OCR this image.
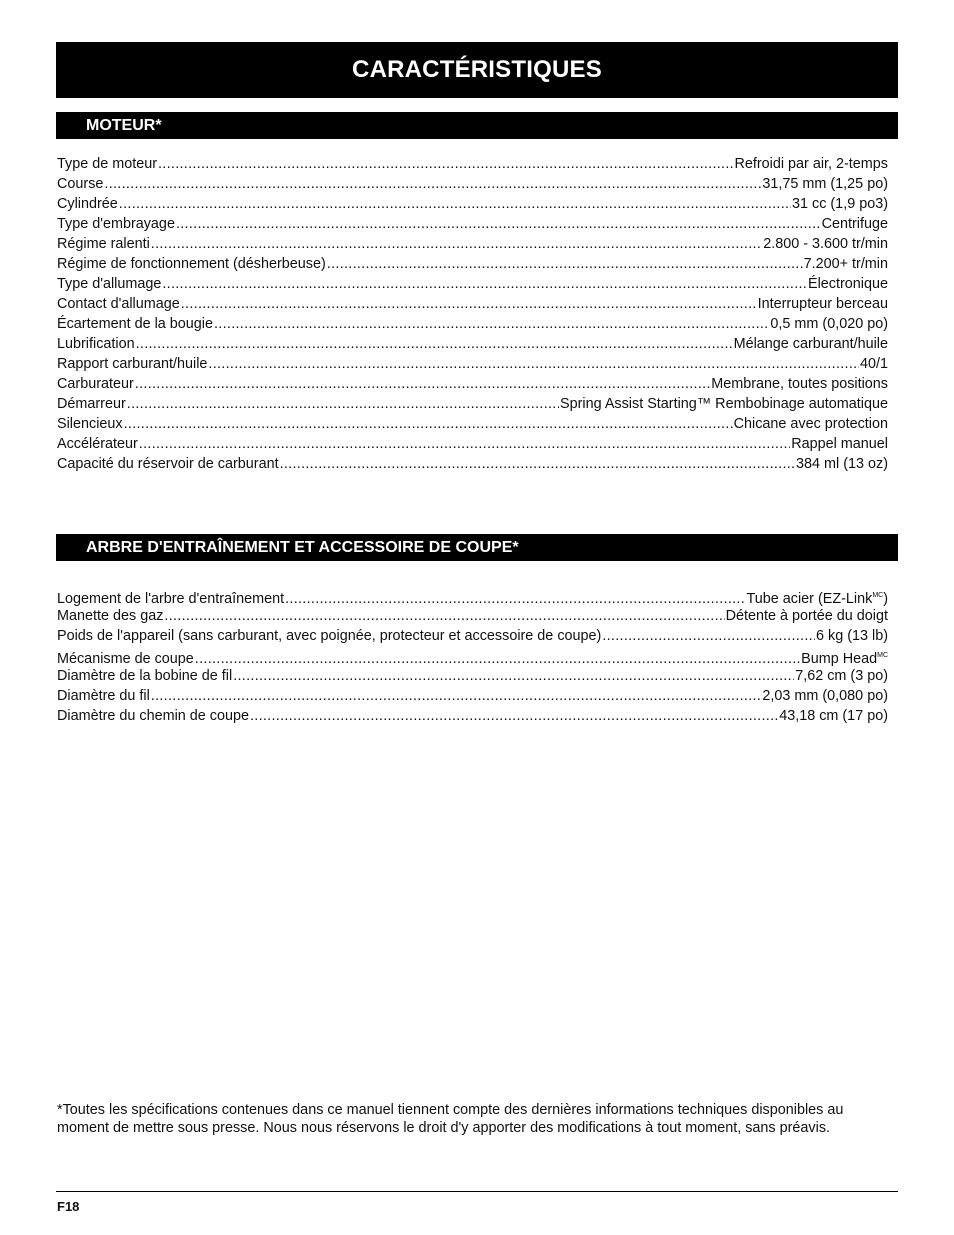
CARACTÉRISTIQUES
MOTEUR*
Type de moteur .....	Refroidi par air, 2-temps
Course .....	31,75 mm (1,25 po)
Cylindrée .....	31 cc (1,9 po3)
Type d'embrayage .....	Centrifuge
Régime ralenti .....	2.800 - 3.600 tr/min
Régime de fonctionnement (désherbeuse) .....	7.200+ tr/min
Type d'allumage .....	Électronique
Contact d'allumage .....	Interrupteur berceau
Écartement de la bougie .....	0,5 mm (0,020 po)
Lubrification .....	Mélange carburant/huile
Rapport carburant/huile .....	40/1
Carburateur .....	Membrane, toutes positions
Démarreur .....	Spring Assist Starting™ Rembobinage automatique
Silencieux .....	Chicane avec protection
Accélérateur .....	Rappel manuel
Capacité du réservoir de carburant .....	384 ml (13 oz)
ARBRE D'ENTRAÎNEMENT ET ACCESSOIRE DE COUPE*
Logement de l'arbre d'entraînement .....	Tube acier (EZ-Link$^{MC}$)
Manette des gaz .....	Détente à portée du doigt
Poids de l'appareil (sans carburant, avec poignée, protecteur et accessoire de coupe) .....	6 kg (13 lb)
Mécanisme de coupe .....	Bump Head$^{MC}$
Diamètre de la bobine de fil .....	7,62 cm (3 po)
Diamètre du fil .....	2,03 mm (0,080 po)
Diamètre du chemin de coupe .....	43,18 cm (17 po)
*Toutes les spécifications contenues dans ce manuel tiennent compte des dernières informations techniques disponibles au moment de mettre sous presse. Nous nous réservons le droit d'y apporter des modifications à tout moment, sans préavis.
F18
